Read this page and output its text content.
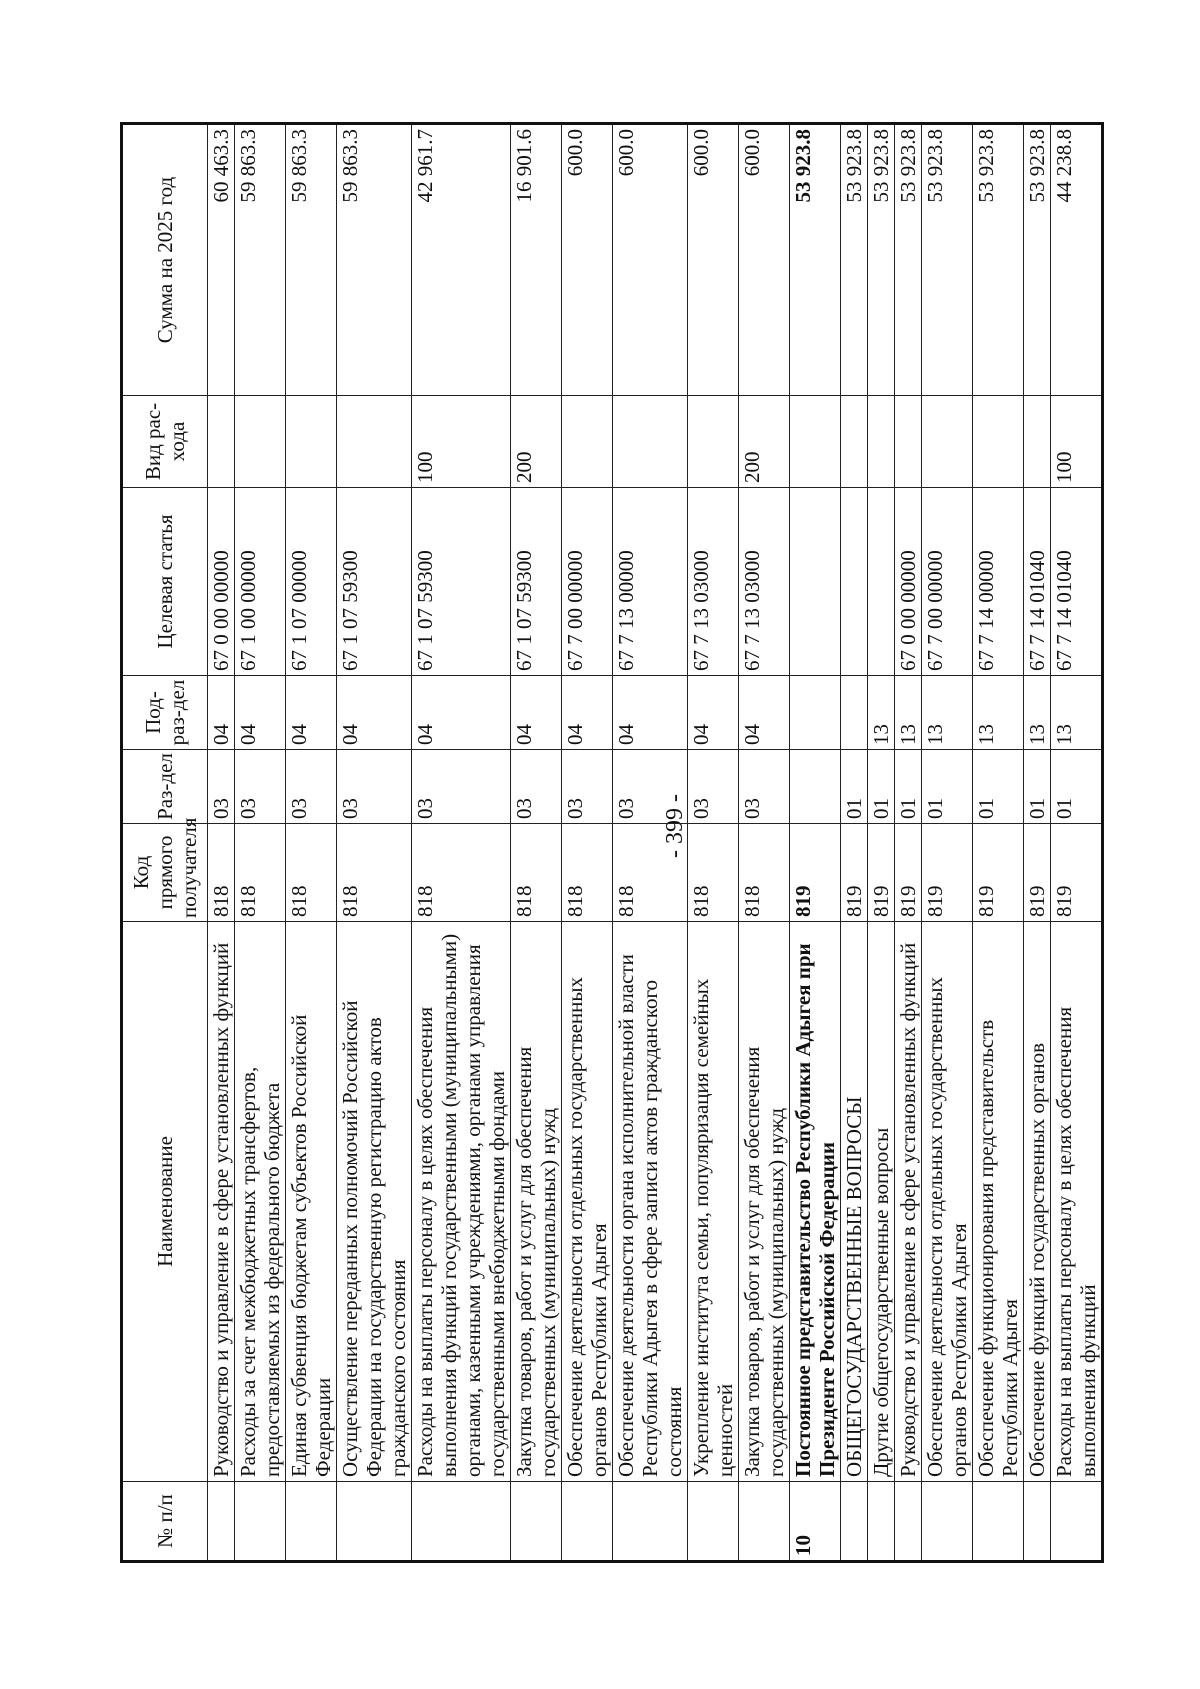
- 399 -
№ п/п	Наименование	Код прямого получателя	Раз-дел	Под-раз-дел	Целевая статья	Вид рас-хода	Сумма на 2025 год
	Руководство и управление в сфере установленных функций	818	03	04	67 0 00 00000		60 463.3
	Расходы за счет межбюджетных трансфертов, предоставляемых из федерального бюджета	818	03	04	67 1 00 00000		59 863.3
	Единая субвенция бюджетам субъектов Российской Федерации	818	03	04	67 1 07 00000		59 863.3
	Осуществление переданных полномочий Российской Федерации на государственную регистрацию актов гражданского состояния	818	03	04	67 1 07 59300		59 863.3
	Расходы на выплаты персоналу в целях обеспечения выполнения функций государственными (муниципальными) органами, казенными учреждениями, органами управления государственными внебюджетными фондами	818	03	04	67 1 07 59300	100	42 961.7
	Закупка товаров, работ и услуг для обеспечения государственных (муниципальных) нужд	818	03	04	67 1 07 59300	200	16 901.6
	Обеспечение деятельности отдельных государственных органов Республики Адыгея	818	03	04	67 7 00 00000		600.0
	Обеспечение деятельности органа исполнительной власти Республики Адыгея в сфере записи актов гражданского состояния	818	03	04	67 7 13 00000		600.0
	Укрепление института семьи, популяризация семейных ценностей	818	03	04	67 7 13 03000		600.0
	Закупка товаров, работ и услуг для обеспечения государственных (муниципальных) нужд	818	03	04	67 7 13 03000	200	600.0
10	Постоянное представительство Республики Адыгея при Президенте Российской Федерации	819					53 923.8
	ОБЩЕГОСУДАРСТВЕННЫЕ ВОПРОСЫ	819	01				53 923.8
	Другие общегосударственные вопросы	819	01	13			53 923.8
	Руководство и управление в сфере установленных функций	819	01	13	67 0 00 00000		53 923.8
	Обеспечение деятельности отдельных государственных органов Республики Адыгея	819	01	13	67 7 00 00000		53 923.8
	Обеспечение функционирования представительств Республики Адыгея	819	01	13	67 7 14 00000		53 923.8
	Обеспечение функций государственных органов	819	01	13	67 7 14 01040		53 923.8
	Расходы на выплаты персоналу в целях обеспечения выполнения функций	819	01	13	67 7 14 01040	100	44 238.8
